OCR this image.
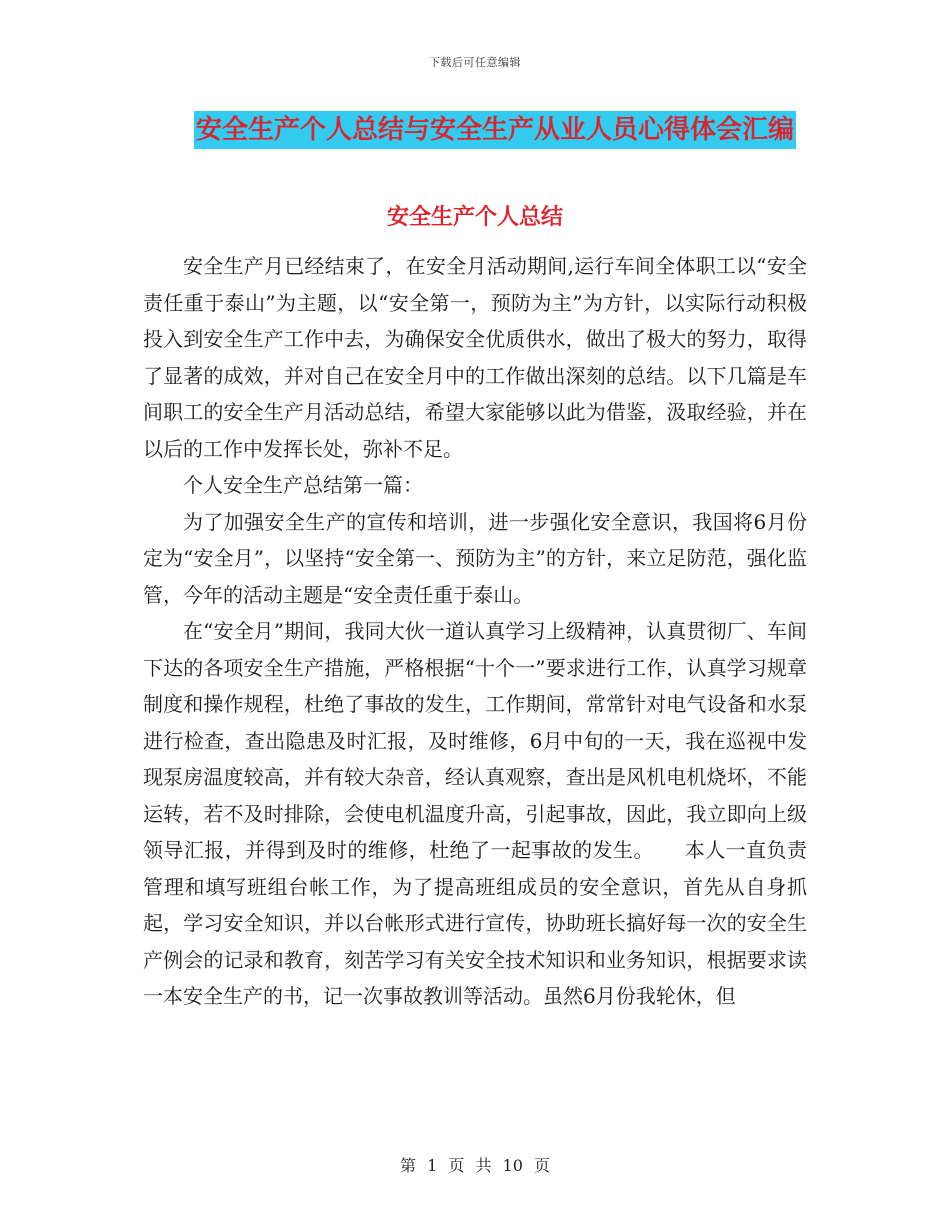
下载后可任意编辑
安全生产个人总结与安全生产从业人员心得体会汇编
安全生产个人总结

安全生产月已经结束了，在安全月活动期间,运行车间全体职工以“安全责任重于泰山”为主题，以“安全第一，预防为主”为方针，以实际行动积极投入到安全生产工作中去，为确保安全优质供水，做出了极大的努力，取得了显著的成效，并对自己在安全月中的工作做出深刻的总结。以下几篇是车间职工的安全生产月活动总结，希望大家能够以此为借鉴，汲取经验，并在以后的工作中发挥长处，弥补不足。

个人安全生产总结第一篇：

为了加强安全生产的宣传和培训，进一步强化安全意识，我国将6月份定为“安全月”，以坚持“安全第一、预防为主”的方针，来立足防范，强化监管，今年的活动主题是“安全责任重于泰山。

在“安全月”期间，我同大伙一道认真学习上级精神，认真贯彻厂、车间下达的各项安全生产措施，严格根据“十个一”要求进行工作，认真学习规章制度和操作规程，杜绝了事故的发生，工作期间，常常针对电气设备和水泵进行检查，查出隐患及时汇报，及时维修，6月中旬的一天，我在巡视中发现泵房温度较高，并有较大杂音，经认真观察，查出是风机电机烧坏，不能运转，若不及时排除，会使电机温度升高，引起事故，因此，我立即向上级领导汇报，并得到及时的维修，杜绝了一起事故的发生。　　本人一直负责管理和填写班组台帐工作，为了提高班组成员的安全意识，首先从自身抓起，学习安全知识，并以台帐形式进行宣传，协助班长搞好每一次的安全生产例会的记录和教育，刻苦学习有关安全技术知识和业务知识，根据要求读一本安全生产的书，记一次事故教训等活动。虽然6月份我轮休，但

第 1 页 共 10 页
